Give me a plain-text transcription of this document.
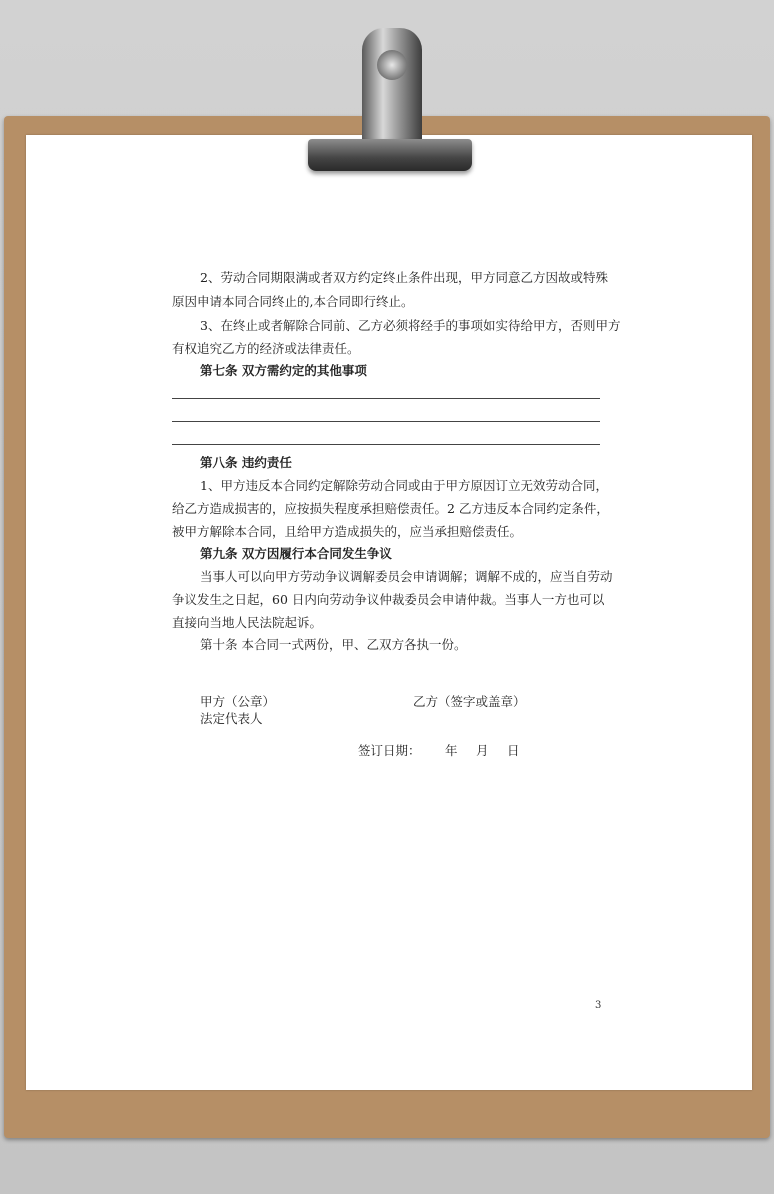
2、劳动合同期限满或者双方约定终止条件出现，甲方同意乙方因故或特殊
原因申请本同合同终止的,本合同即行终止。
3、在终止或者解除合同前、乙方必须将经手的事项如实待给甲方，否则甲方
有权追究乙方的经济或法律责任。
第七条 双方需约定的其他事项
第八条 违约责任
1、甲方违反本合同约定解除劳动合同或由于甲方原因订立无效劳动合同，
给乙方造成损害的，应按损失程度承担赔偿责任。2 乙方违反本合同约定条件，
被甲方解除本合同，且给甲方造成损失的，应当承担赔偿责任。
第九条 双方因履行本合同发生争议
当事人可以向甲方劳动争议调解委员会申请调解；调解不成的，应当自劳动
争议发生之日起，60 日内向劳动争议仲裁委员会申请仲裁。当事人一方也可以
直接向当地人民法院起诉。
第十条 本合同一式两份，甲、乙双方各执一份。
甲方（公章）	乙方（签字或盖章）
法定代表人
签订日期： 年 月 日
3
